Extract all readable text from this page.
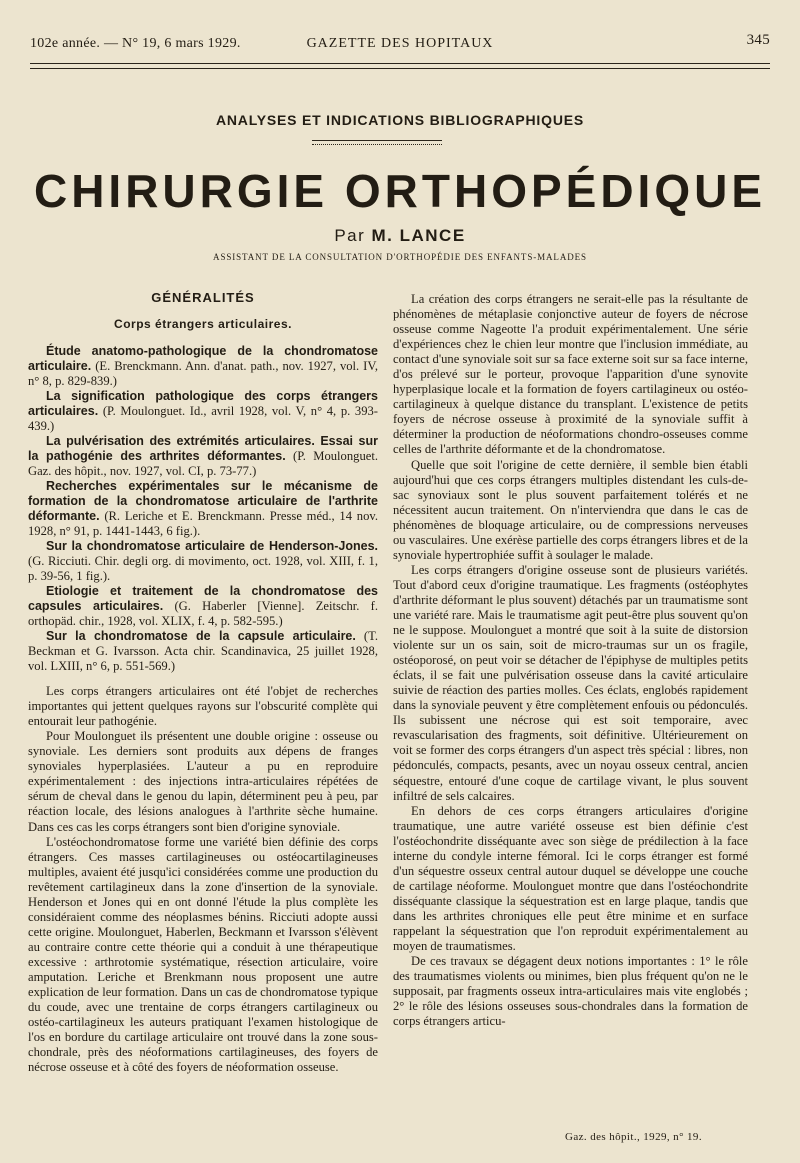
102e année. — N° 19, 6 mars 1929.	GAZETTE DES HOPITAUX	345
ANALYSES ET INDICATIONS BIBLIOGRAPHIQUES
CHIRURGIE ORTHOPÉDIQUE
Par M. LANCE
ASSISTANT DE LA CONSULTATION D'ORTHOPÉDIE DES ENFANTS-MALADES
GÉNÉRALITÉS
Corps étrangers articulaires.

Étude anatomo-pathologique de la chondromatose articulaire. (E. Brenckmann. Ann. d'anat. path., nov. 1927, vol. IV, n° 8, p. 829-839.)

La signification pathologique des corps étrangers articulaires. (P. Moulonguet. Id., avril 1928, vol. V, n° 4, p. 393-439.)

La pulvérisation des extrémités articulaires. Essai sur la pathogénie des arthrites déformantes. (P. Moulonguet. Gaz. des hôpit., nov. 1927, vol. CI, p. 73-77.)

Recherches expérimentales sur le mécanisme de formation de la chondromatose articulaire de l'arthrite déformante. (R. Leriche et E. Brenckmann. Presse méd., 14 nov. 1928, n° 91, p. 1441-1443, 6 fig.).

Sur la chondromatose articulaire de Henderson-Jones. (G. Ricciuti. Chir. degli org. di movimento, oct. 1928, vol. XIII, f. 1, p. 39-56, 1 fig.).

Etiologie et traitement de la chondromatose des capsules articulaires. (G. Haberler [Vienne]. Zeitschr. f. orthopäd. chir., 1928, vol. XLIX, f. 4, p. 582-595.)

Sur la chondromatose de la capsule articulaire. (T. Beckman et G. Ivarsson. Acta chir. Scandinavica, 25 juillet 1928, vol. LXIII, n° 6, p. 551-569.)

Les corps étrangers articulaires ont été l'objet de recherches importantes qui jettent quelques rayons sur l'obscurité complète qui entourait leur pathogénie.

Pour Moulonguet ils présentent une double origine : osseuse ou synoviale. Les derniers sont produits aux dépens de franges synoviales hyperplasiées. L'auteur a pu en reproduire expérimentalement : des injections intra-articulaires répétées de sérum de cheval dans le genou du lapin, déterminent peu à peu, par réaction locale, des lésions analogues à l'arthrite sèche humaine. Dans ces cas les corps étrangers sont bien d'origine synoviale.

L'ostéochondromatose forme une variété bien définie des corps étrangers. Ces masses cartilagineuses ou ostéocartilagineuses multiples, avaient été jusqu'ici considérées comme une production du revêtement cartilagineux dans la zone d'insertion de la synoviale. Henderson et Jones qui en ont donné l'étude la plus complète les considéraient comme des néoplasmes bénins. Ricciuti adopte aussi cette origine. Moulonguet, Haberlen, Beckmann et Ivarsson s'élèvent au contraire contre cette théorie qui a conduit à une thérapeutique excessive : arthrotomie systématique, résection articulaire, voire amputation. Leriche et Brenkmann nous proposent une autre explication de leur formation. Dans un cas de chondromatose typique du coude, avec une trentaine de corps étrangers cartilagineux ou ostéo-cartilagineux les auteurs pratiquant l'examen histologique de l'os en bordure du cartilage articulaire ont trouvé dans la zone sous-chondrale, près des néoformations cartilagineuses, des foyers de nécrose osseuse et à côté des foyers de néoformation osseuse.

La création des corps étrangers ne serait-elle pas la résultante de phénomènes de métaplasie conjonctive auteur de foyers de nécrose osseuse comme Nageotte l'a produit expérimentalement. Une série d'expériences chez le chien leur montre que l'inclusion immédiate, au contact d'une synoviale soit sur sa face externe soit sur sa face interne, d'os prélevé sur le porteur, provoque l'apparition d'une synovite hyperplasique locale et la formation de foyers cartilagineux ou ostéo-cartilagineux à quelque distance du transplant. L'existence de petits foyers de nécrose osseuse à proximité de la synoviale suffit à déterminer la production de néoformations chondro-osseuses comme celles de l'arthrite déformante et de la chondromatose.

Quelle que soit l'origine de cette dernière, il semble bien établi aujourd'hui que ces corps étrangers multiples distendant les culs-de-sac synoviaux sont le plus souvent parfaitement tolérés et ne nécessitent aucun traitement. On n'interviendra que dans le cas de phénomènes de bloquage articulaire, ou de compressions nerveuses ou vasculaires. Une exérèse partielle des corps étrangers libres et de la synoviale hypertrophiée suffit à soulager le malade.

Les corps étrangers d'origine osseuse sont de plusieurs variétés. Tout d'abord ceux d'origine traumatique. Les fragments (ostéophytes d'arthrite déformant le plus souvent) détachés par un traumatisme sont une variété rare. Mais le traumatisme agit peut-être plus souvent qu'on ne le suppose. Moulonguet a montré que soit à la suite de distorsion violente sur un os sain, soit de micro-traumas sur un os fragile, ostéoporosé, on peut voir se détacher de l'épiphyse de multiples petits éclats, il se fait une pulvérisation osseuse dans la cavité articulaire suivie de réaction des parties molles. Ces éclats, englobés rapidement dans la synoviale peuvent y être complètement enfouis ou pédonculés. Ils subissent une nécrose qui est soit temporaire, avec revascularisation des fragments, soit définitive. Ultérieurement on voit se former des corps étrangers d'un aspect très spécial : libres, non pédonculés, compacts, pesants, avec un noyau osseux central, ancien séquestre, entouré d'une coque de cartilage vivant, le plus souvent infiltré de sels calcaires.

En dehors de ces corps étrangers articulaires d'origine traumatique, une autre variété osseuse est bien définie c'est l'ostéochondrite disséquante avec son siège de prédilection à la face interne du condyle interne fémoral. Ici le corps étranger est formé d'un séquestre osseux central autour duquel se développe une couche de cartilage néoforme. Moulonguet montre que dans l'ostéochondrite disséquante classique la séquestration est en large plaque, tandis que dans les arthrites chroniques elle peut être minime et en surface rappelant la séquestration que l'on reproduit expérimentalement au moyen de traumatismes.

De ces travaux se dégagent deux notions importantes : 1° le rôle des traumatismes violents ou minimes, bien plus fréquent qu'on ne le supposait, par fragments osseux intra-articulaires mais vite englobés ; 2° le rôle des lésions osseuses sous-chondrales dans la formation de corps étrangers articu-

Gaz. des hôpit., 1929, n° 19.
